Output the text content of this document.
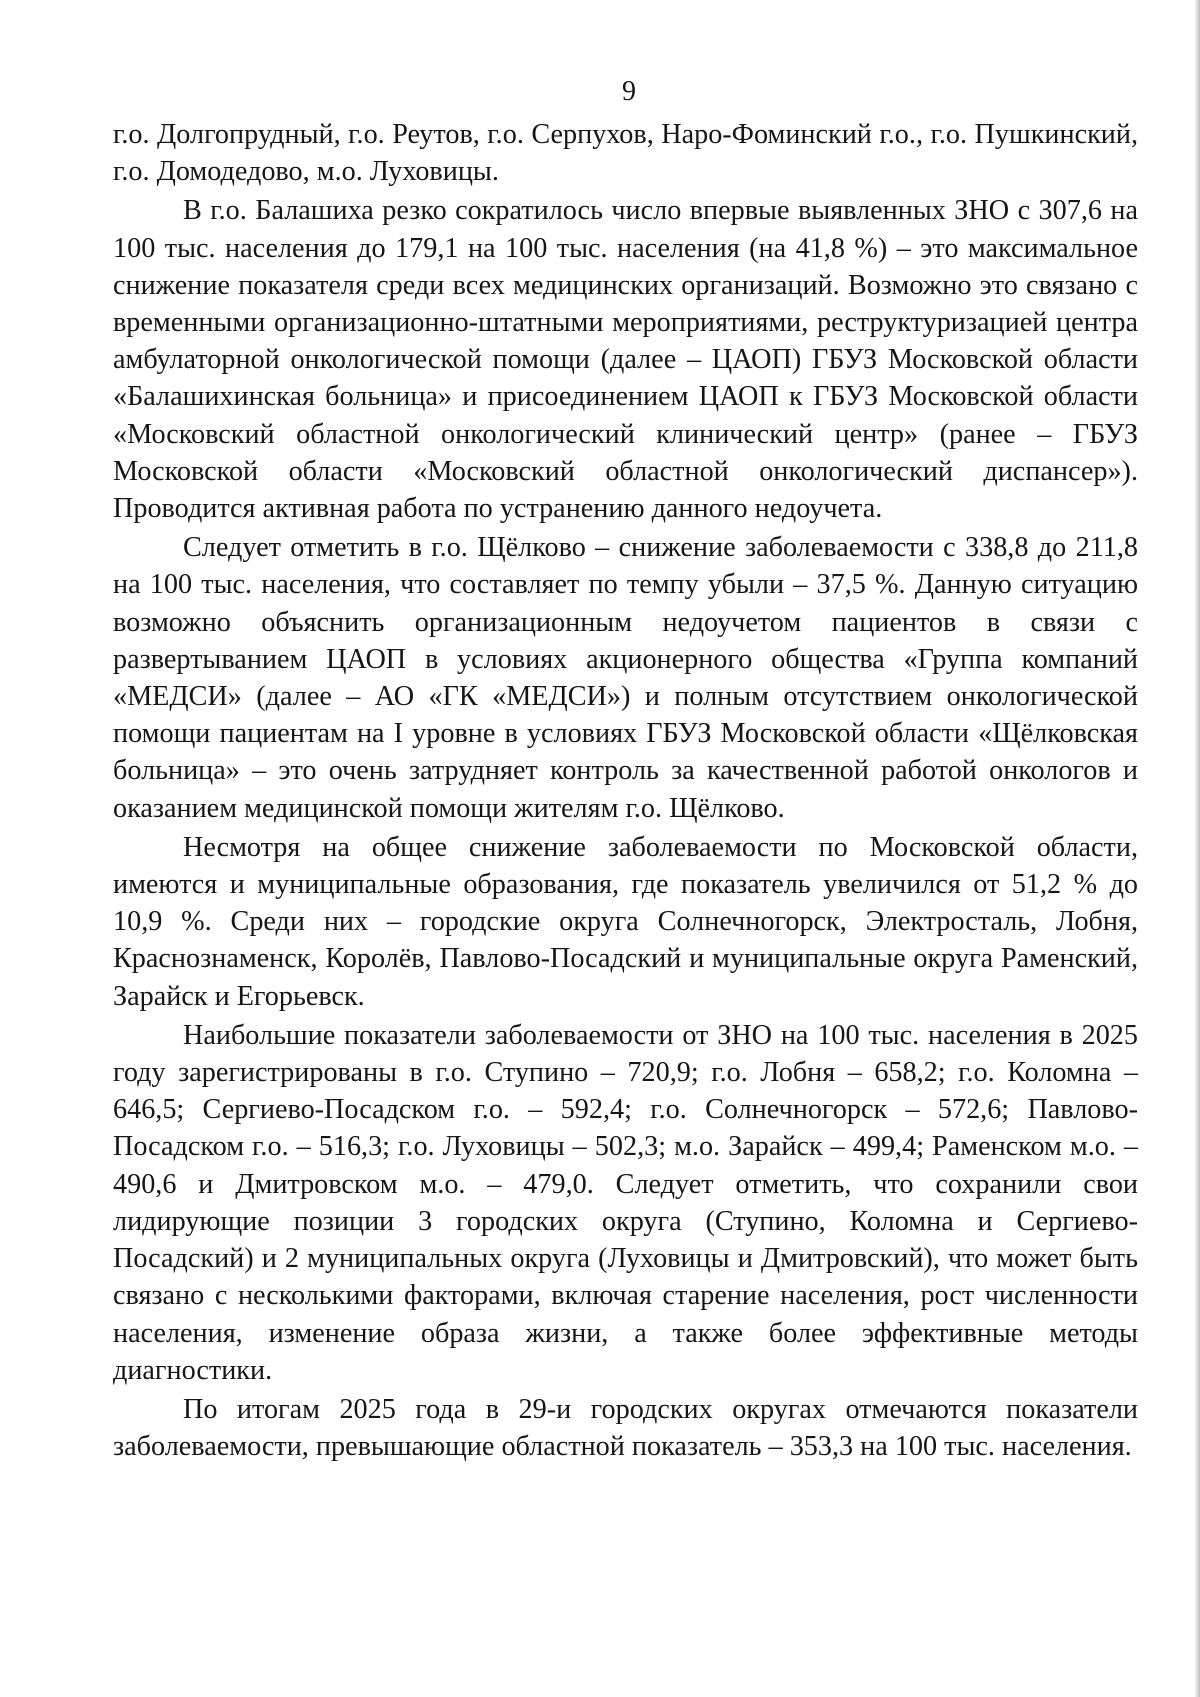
9

г.о. Долгопрудный, г.о. Реутов, г.о. Серпухов, Наро-Фоминский г.о., г.о. Пушкинский, г.о. Домодедово, м.о. Луховицы.

В г.о. Балашиха резко сократилось число впервые выявленных ЗНО с 307,6 на 100 тыс. населения до 179,1 на 100 тыс. населения (на 41,8 %) – это максимальное снижение показателя среди всех медицинских организаций. Возможно это связано с временными организационно-штатными мероприятиями, реструктуризацией центра амбулаторной онкологической помощи (далее – ЦАОП) ГБУЗ Московской области «Балашихинская больница» и присоединением ЦАОП к ГБУЗ Московской области «Московский областной онкологический клинический центр» (ранее – ГБУЗ Московской области «Московский областной онкологический диспансер»). Проводится активная работа по устранению данного недоучета.

Следует отметить в г.о. Щёлково – снижение заболеваемости с 338,8 до 211,8 на 100 тыс. населения, что составляет по темпу убыли – 37,5 %. Данную ситуацию возможно объяснить организационным недоучетом пациентов в связи с развертыванием ЦАОП в условиях акционерного общества «Группа компаний «МЕДСИ» (далее – АО «ГК «МЕДСИ») и полным отсутствием онкологической помощи пациентам на I уровне в условиях ГБУЗ Московской области «Щёлковская больница» – это очень затрудняет контроль за качественной работой онкологов и оказанием медицинской помощи жителям г.о. Щёлково.

Несмотря на общее снижение заболеваемости по Московской области, имеются и муниципальные образования, где показатель увеличился от 51,2 % до 10,9 %. Среди них – городские округа Солнечногорск, Электросталь, Лобня, Краснознаменск, Королёв, Павлово-Посадский и муниципальные округа Раменский, Зарайск и Егорьевск.

Наибольшие показатели заболеваемости от ЗНО на 100 тыс. населения в 2025 году зарегистрированы в г.о. Ступино – 720,9; г.о. Лобня – 658,2; г.о. Коломна – 646,5; Сергиево-Посадском г.о. – 592,4; г.о. Солнечногорск – 572,6; Павлово-Посадском г.о. – 516,3; г.о. Луховицы – 502,3; м.о. Зарайск – 499,4; Раменском м.о. – 490,6 и Дмитровском м.о. – 479,0. Следует отметить, что сохранили свои лидирующие позиции 3 городских округа (Ступино, Коломна и Сергиево-Посадский) и 2 муниципальных округа (Луховицы и Дмитровский), что может быть связано с несколькими факторами, включая старение населения, рост численности населения, изменение образа жизни, а также более эффективные методы диагностики.

По итогам 2025 года в 29-и городских округах отмечаются показатели заболеваемости, превышающие областной показатель – 353,3 на 100 тыс. населения.
